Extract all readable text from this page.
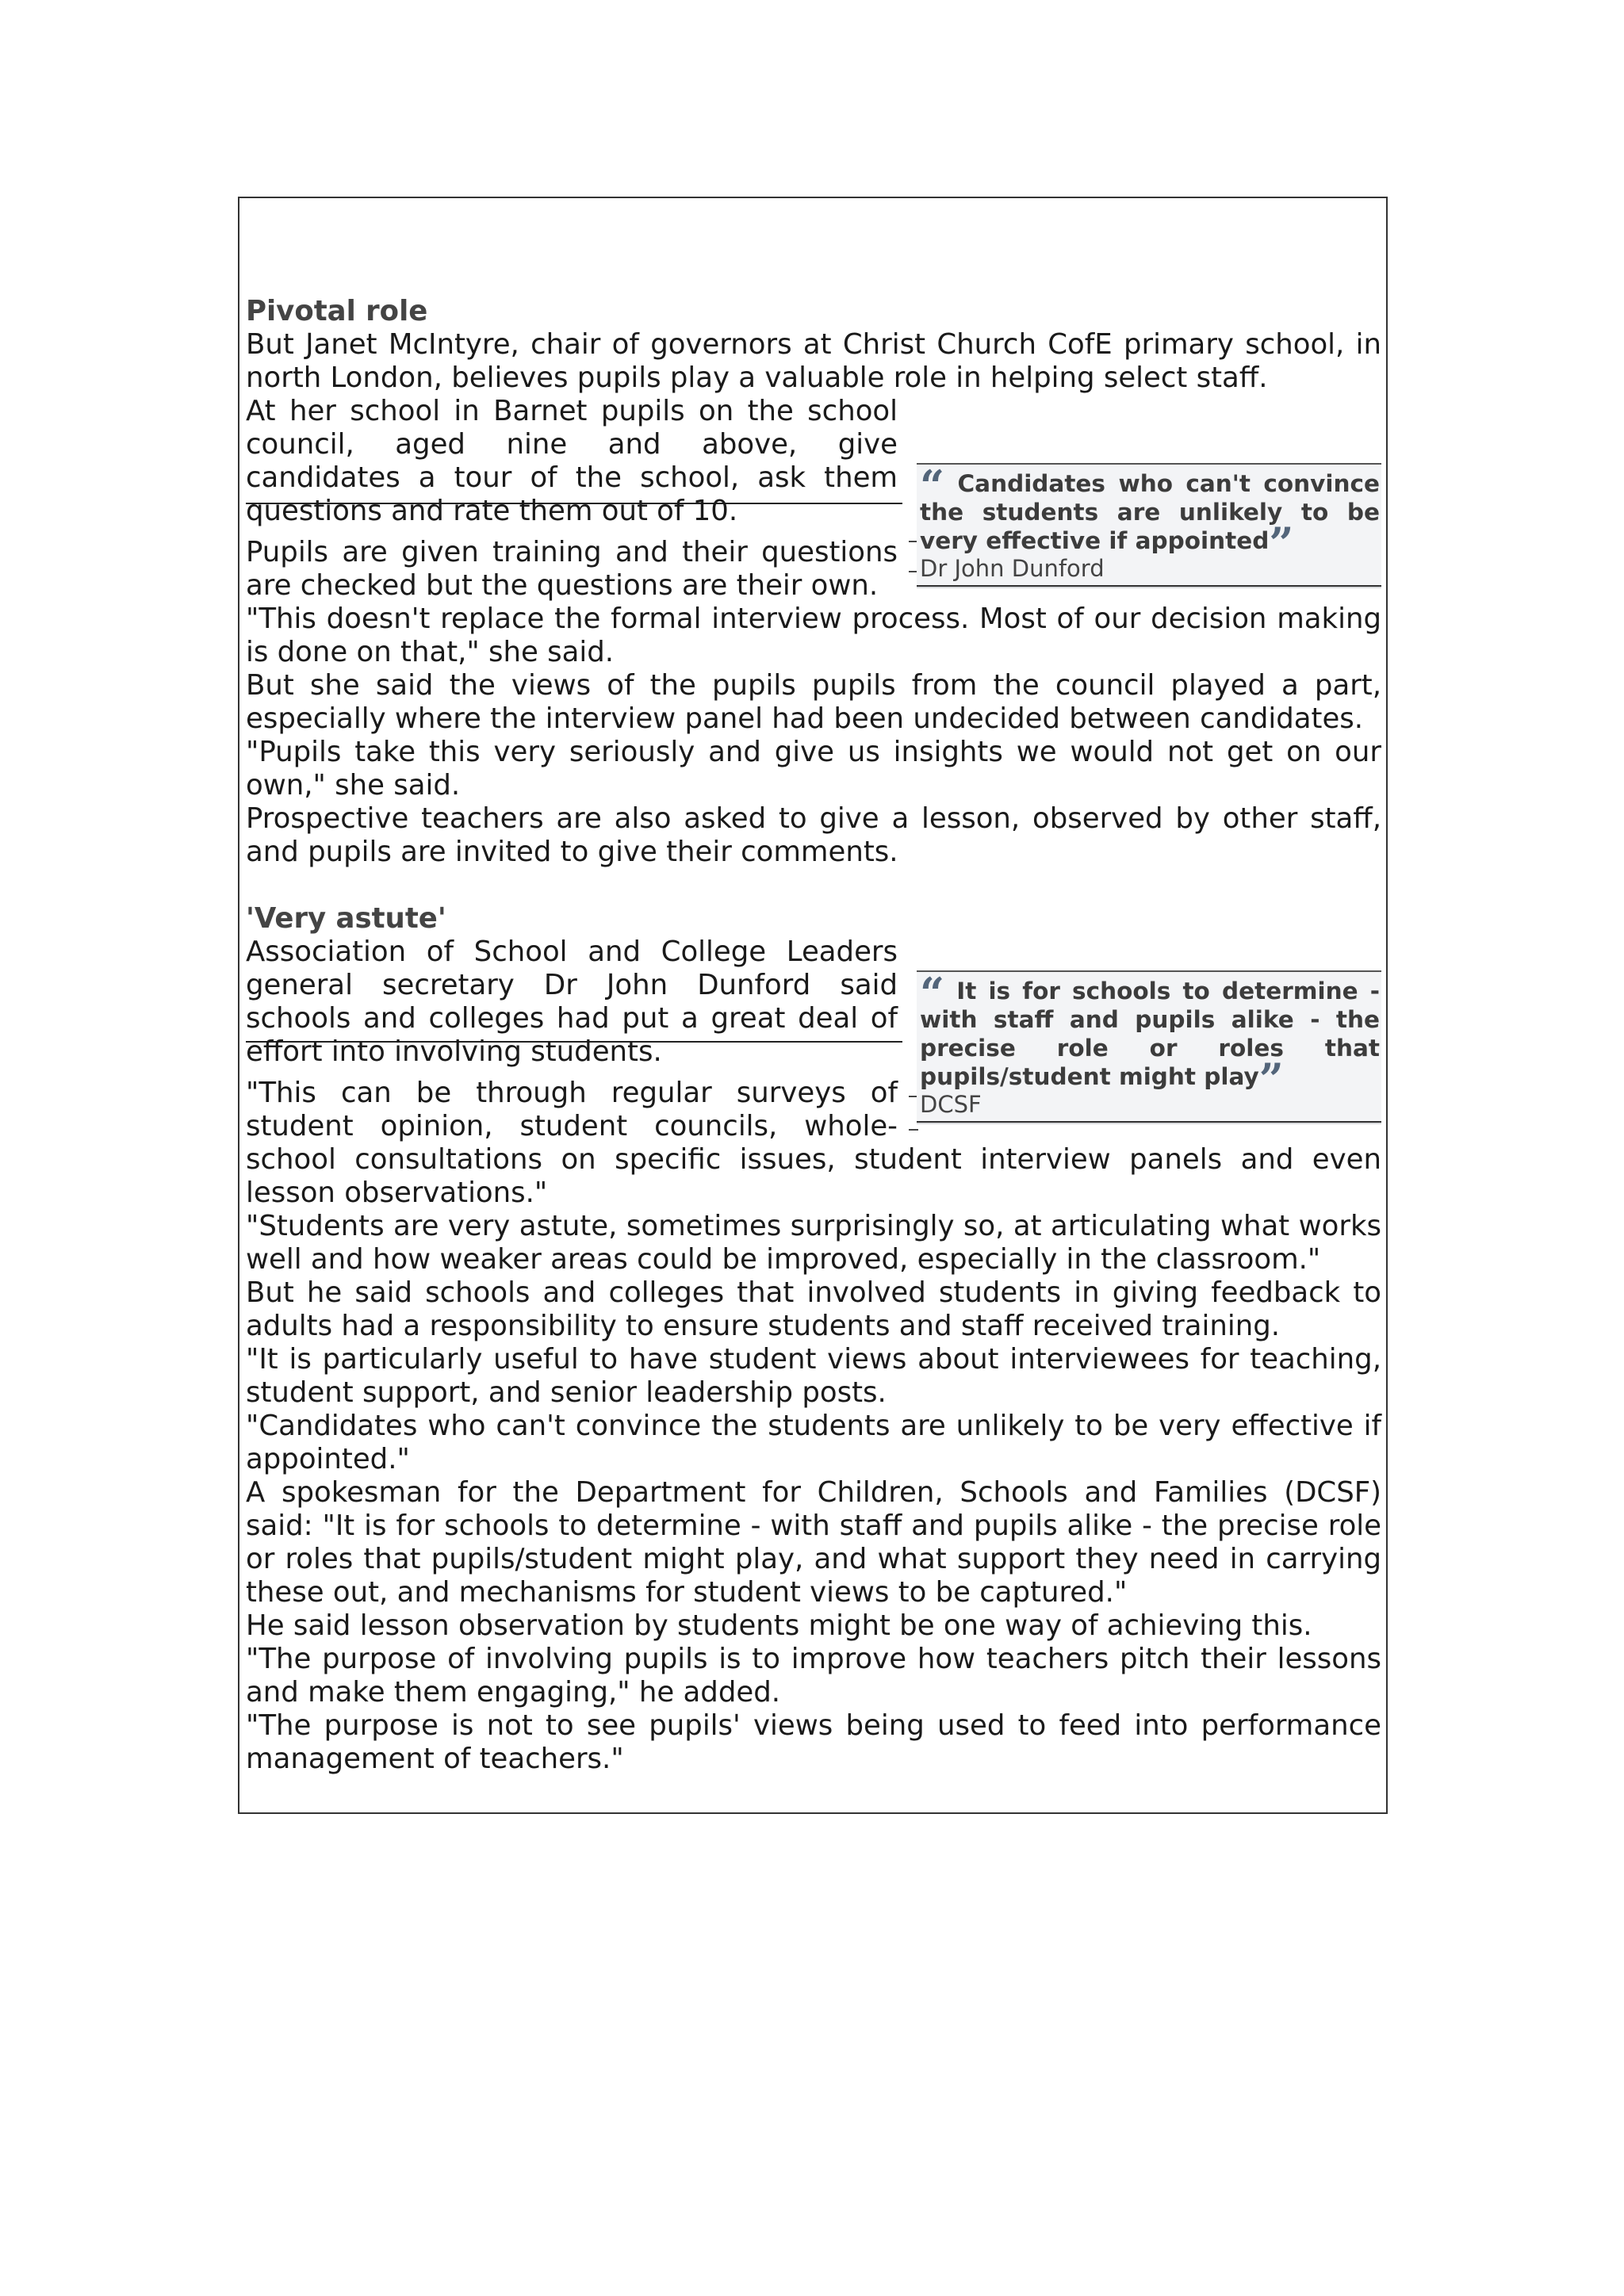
Pivotal role

But Janet McIntyre, chair of governors at Christ Church CofE primary school, in north London, believes pupils play a valuable role in helping select staff.

“ Candidates who can't convince the students are unlikely to be very effective if appointed”

Dr John Dunford

At her school in Barnet pupils on the school council, aged nine and above, give candidates a tour of the school, ask them questions and rate them out of 10.

Pupils are given training and their questions are checked but the questions are their own.

"This doesn't replace the formal interview process. Most of our decision making is done on that," she said.

But she said the views of the pupils pupils from the council played a part, especially where the interview panel had been undecided between candidates.

"Pupils take this very seriously and give us insights we would not get on our own," she said.

Prospective teachers are also asked to give a lesson, observed by other staff, and pupils are invited to give their comments.

'Very astute'

“ It is for schools to determine - with staff and pupils alike - the precise role or roles that pupils/student might play”

DCSF

Association of School and College Leaders general secretary Dr John Dunford said schools and colleges had put a great deal of effort into involving students.

"This can be through regular surveys of student opinion, student councils, whole-school consultations on specific issues, student interview panels and even lesson observations."

"Students are very astute, sometimes surprisingly so, at articulating what works well and how weaker areas could be improved, especially in the classroom."

But he said schools and colleges that involved students in giving feedback to adults had a responsibility to ensure students and staff received training.

"It is particularly useful to have student views about interviewees for teaching, student support, and senior leadership posts.

"Candidates who can't convince the students are unlikely to be very effective if appointed."

A spokesman for the Department for Children, Schools and Families (DCSF) said: "It is for schools to determine - with staff and pupils alike - the precise role or roles that pupils/student might play, and what support they need in carrying these out, and mechanisms for student views to be captured."

He said lesson observation by students might be one way of achieving this.

"The purpose of involving pupils is to improve how teachers pitch their lessons and make them engaging," he added.

"The purpose is not to see pupils' views being used to feed into performance management of teachers."
